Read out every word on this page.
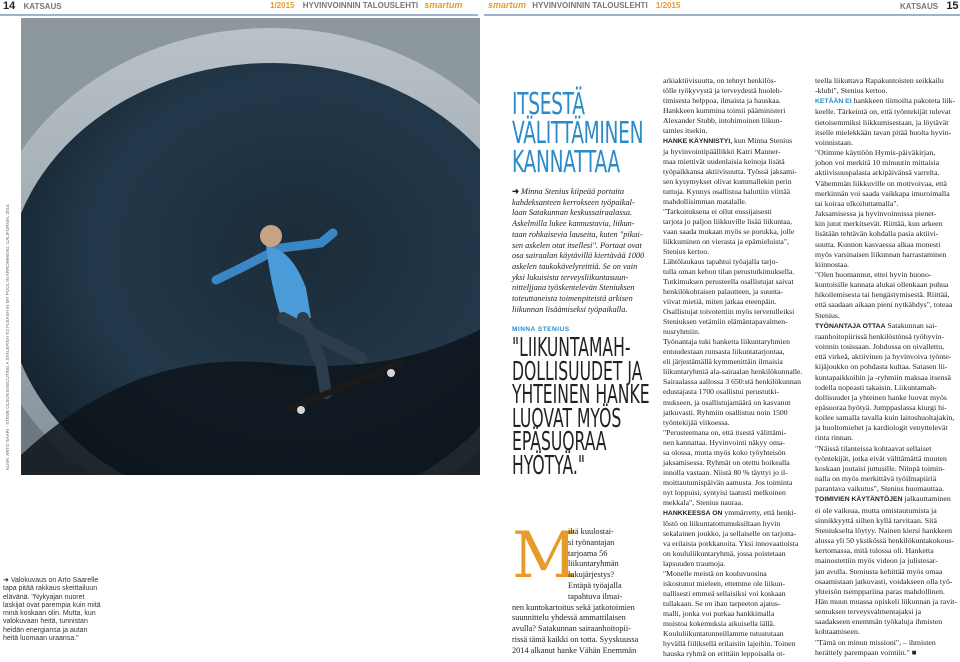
14 KATSAUS	1/2015 HYVINVOINNIN TALOUSLEHTI smartum	smartum HYVINVOINNIN TALOUSLEHTI 1/2015	KATSAUS 15
KUVA: ARTO SAARI · STEVE OLSON EXECUTING A STALEFISH TO FLEASH IN MY POOL IN ARROWHEAD, CALIFORNIA, 2014
➜ Valokuvaus on Arto Saarelle
tapa pitää rakkaus skeittailuun
elävänä. "Nykyajan nuoret
laskijat ovat parempia kuin mitä
minä koskaan olin. Mutta, kun
valokuvaan heitä, tunnistan
heidän energiansa ja autan
heitä luomaan uraansa."
ITSESTÄ
VÄLITTÄMINEN
KANNATTAA
➜ Minna Stenius kiipeää portaita
kahdeksanteen kerrokseen työpaikal-
laan Satakunnan keskussairaalassa.
Askelmilla lukee kannustavia, liikun-
taan rohkaisevia lauseita, kuten "pikai-
sen askelen otat itsellesi". Portaat ovat
osa sairaalan käytävillä kiertävää 1000
askelen taukokävelyreittiä. Se on vain
yksi lukuisista terveysliikuntasuun-
nitteljjana työskentelevän Steniuksen
toteuttaneista toimenpiteistä arkisen
liikunnan lisäämiseksi työpaikalla.
MINNA STENIUS
"LIIKUNTAMAH-
DOLLISUUDET JA
YHTEINEN HANKE
LUOVAT MYÖS
EPÄSUORAA
HYÖTYÄ."
M

iltä kuulostai-

si työnantajan

tarjoama 56

liikuntaryhmän

lukujärjestys?

Entäpä työajalla

tapahtuva ilmai-

nen kuntokartoitus sekä jatkotoimien

suunnittelu yhdessä ammattilaisen

avulla? Satakunnan sairaanhoitopii-

rissä tämä kaikki on totta. Syyskuussa

2014 alkanut hanke Vähän Enemmän

arkiaktiivisuutta, on tehnyt henkilös-

tölle työkyvystä ja terveydestä huoleh-

timisesta helppoa, ilmaista ja hauskaa.

Hankkeen kummina toimii pääministeri

Alexander Stubb, intohimoinen liikun-

tamies itsekin.

HANKE KÄYNNISTYI, kun Minna Stenius

ja hyvinvointipäällikkö Katri Manner-

maa miettivät uudenlaisia keinoja lisätä

työpaikkansa aktiivisuutta. Työssä jaksami-

sen kysymykset olivat kummallekin perin

tuttuja. Kynnys osallistua haluttiin viittää

mahdollisimman matalalle.

"Tarkoituksena ei ollut enssijaisesti

tarjota jo paljon liikkuville lisää liikuntaa,

vaan saada mukaan myös se porukka, jolle

liikkuminen on vierasta ja epämieluista",

Stenius kertoo.

Lähtölaukaus tapahtui työajalla tarjo-

tulla oman kehon tilan perustutkimuksella.

Tutkimuksen perusteella osallistujat saivat

henkilökohtaisen palautteen, ja suunta-

viivat mietiä, miten jatkaa eteenpäin.

Osallistujat toivotettiin myös tervetulleiksi

Steniuksen vetämiin elämäntapavalmen-

nusryhmiin.

Työnantaja tuki hanketta liikuntaryhmien

entuudestaan runsasta liikuntatarjontaa,

eli järjestämällä kymmenittäin ilmaisia

liikuntaryhmiä ala-sairaalan henkilökunnalle.

Sairaalassa aallossa 3 650:stä henkilökunnan

edustajasta 1700 osallistui perustutki-

mukseen, ja osallistujamäärä on kasvanut

jatkuvasti. Ryhmiin osallistuu noin 1500

työntekijää viikoessa.

"Perusteemana on, että itsestä välittämi-

nen kannattaa. Hyvinvointi näkyy oma-

sa olossa, mutta myös koko työyhteisön

jaksamisessa. Ryhmät on otettu hoikealla

innolla vastaan. Niistä 80 % täyttyi jo il-

moittautumispäivän aamusta. Jos toiminta

nyt loppuisi, syntyisi taatusti melkoinen

mekkala", Stenius nauraa.

HANKKEESSA ON ymmärretty, että henki-

löstö on liikuntatottumuksiltaan hyvin

sekalainen joukko, ja sellaiselle on tarjotta-

va erilaisia porkkanoita. Yksi innovaatioista

on koululiikuntaryhmä, jossa poistetaan

lapsuuden traumoja.

"Monelle meistä on kouluvuosina

iskostunut mieleen, ettemme ole liikun-

nallisesti emmeä sellaisiksi voi koskaan

tullakaan. Se on ihan tarpeeton ajatus-

malli, jonka voi purkaa hankkimalla

muistoa kokemuksia aikuisella iällä.

Koululiikuntatunneillamme tutustutaan

hyvällä fiiliksellä erilaisiin lajeihin. Toinen

hauska ryhmä on erittäin leppoisalla ot-

teella liikuttava Rapakuntoisten seikkailu

-klubi", Stenius kertoo.

KETÄÄN EI hankkeen tiimoilta pakoteta liik-

keelle. Tärkeintä on, että työntekijät tulevat

tietoisemmiksi liikkumisestaan, ja löytävät

itselle mielekkään tavan pitää huolta hyvin-

voinnistaan.

"Otimme käyttöön Hymis-päiväkirjan,

johon voi merkitä 10 minuutin mittaisia

aktiivisuuspalasia arkipäivänsä varrelta.

Vähemmän liikkuville on motivoivaa, että

merkinnän voi saada vaikkapa imuroimalla

tai koiraa ulkoiluttamalla".

Jaksamisessa ja hyvinvoinnissa pienet-

kin jutut merkitsevät. Riittää, kun arkeen

lisätään tehtävän kohdalla pasia aktiivi-

suutta. Kunnon kasvaessa alkaa monesti

myös varsinaisen liikunnan harrastaminen

kiinnostaa.

"Olen huomannut, ettei hyvin huono-

kuntoisille kannata alukai ollenkaan puhua

hikoilemisesta tai hengästymisestä. Riittää,

että saadaan aikaan pieni nytkähdys", toteaa

Stenius.

TYÖNANTAJA OTTAA Satakunnan sai-

raanhoitopiirissä henkilöstönsä työhyvin-

voinnin tosissaan. Johdossa on oivallettu,

että virkeä, aktiivinen ja hyvinvoiva työnte-

kijäjoukko on pohdasta kultaa. Satasen lii-

kuntapaikkoihin ja -ryhmiin maksaa itsensä

todella nopeasti takaisin. Liikuntamah-

dollisuudet ja yhteinen hanke luovat myös

epäsuoraa hyötyä. Jumppaslassa kiurgi hi-

koilee samalla tavalla kuin laitoshuoltajakin,

ja huoltomiehet ja kardiologit venyttelevät

rinta rinnan.

"Näissä tilanteissa kohtaavat sellaiset

työntekijät, jotka eivät välttämättä muuten

koskaan joutaisi juttusille. Niinpä toimin-

nalla on myös merkittävä työilmapiiriä

parantava vaikutus", Stenius huomauttaa.

TOIMIVIEN KÄYTÄNTÖJEN jalkauttaminen

ei ole vaikeaa, mutta omistautumista ja

sinnikkyyttä siihen kyllä tarvitaan. Sitä

Steniukselta löytyy. Nainen kiersi hankkeen

alussa yli 50 yksikössä henkilökuntakokous-

kertomassa, mitä tulossa oli. Hanketta

mainostettiin myös videon ja julistesar-

jan avulla. Steniusta kehittää myös omaa

osaamistaan jatkuvasti, voidakseen olla työ-

yhteisön tsemppariina paras mahdollinen.

Hän muun muassa opiskeli liikunnan ja ravit-

semuksen terveysvalmentajaksi ja

saadakseen enemmän työkaluja ihmisten

kohtaamiseen.

"Tämä on minun missioni", – ihmisten

herättely parempaan vointiin." ■
